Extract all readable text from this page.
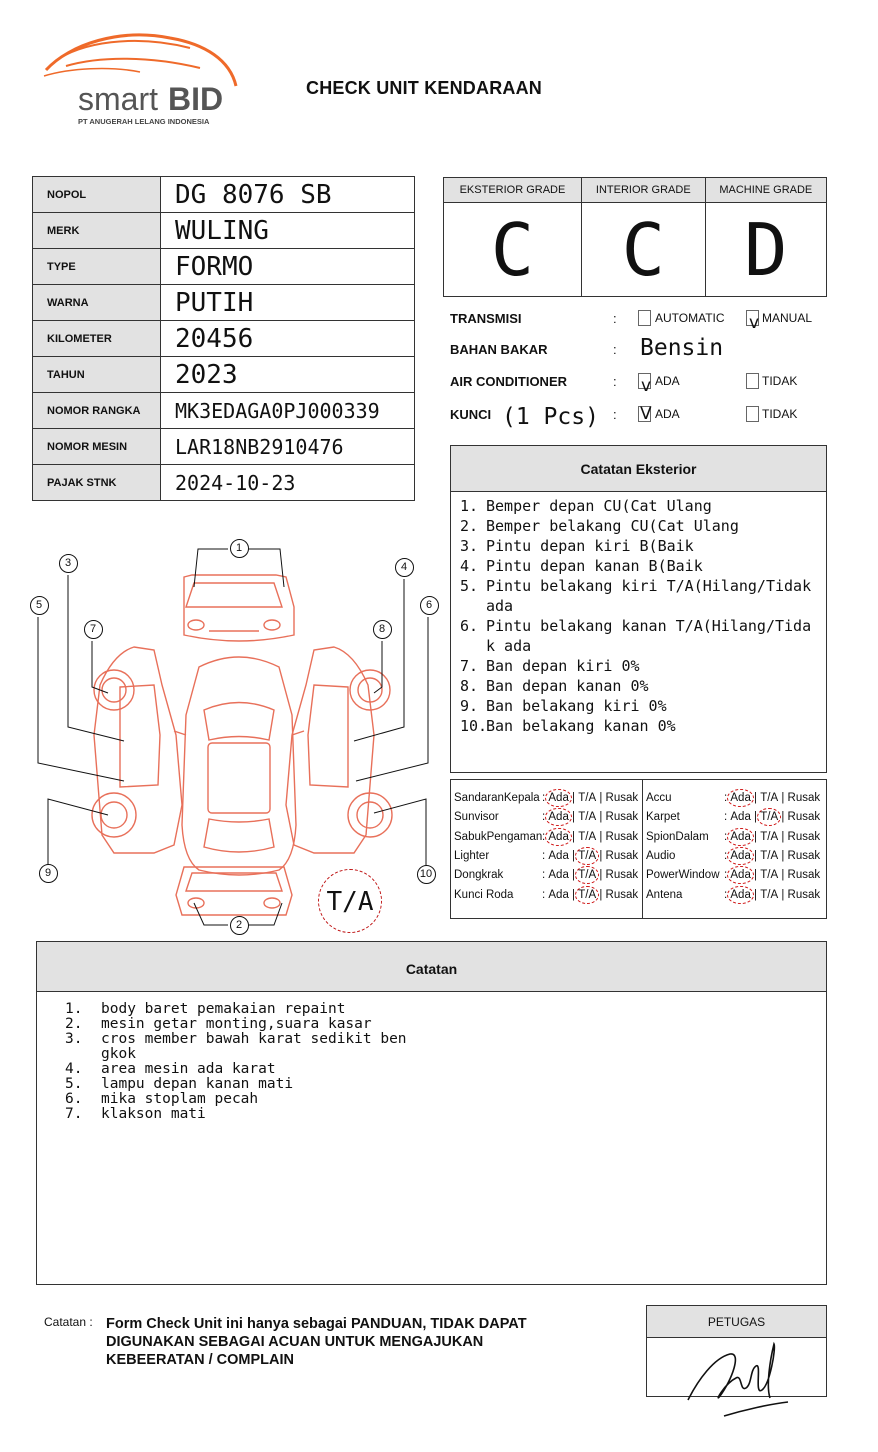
smart BID
PT ANUGERAH LELANG INDONESIA
CHECK UNIT KENDARAAN
NOPOL	DG 8076 SB
MERK	WULING
TYPE	FORMO
WARNA	PUTIH
KILOMETER	20456
TAHUN	2023
NOMOR RANGKA	MK3EDAGA0PJ000339
NOMOR MESIN	LAR18NB2910476
PAJAK STNK	2024-10-23
EKSTERIOR GRADE	INTERIOR GRADE	MACHINE GRADE
C	C	D
TRANSMISI	:	AUTOMATIC v MANUAL
BAHAN BAKAR	: Bensin
AIR CONDITIONER	: v ADA	TIDAK
KUNCI (1 Pcs) : V ADA	TIDAK
Catatan Eksterior
1. Bemper depan CU(Cat Ulang
2. Bemper belakang CU(Cat Ulang
3. Pintu depan kiri B(Baik
4. Pintu depan kanan B(Baik
5. Pintu belakang kiri T/A(Hilang/Tidak ada
6. Pintu belakang kanan T/A(Hilang/Tidak ada
7. Ban depan kiri 0%
8. Ban depan kanan 0%
9. Ban belakang kiri 0%
10.
Ban belakang kanan 0%
SandaranKepala : Ada | T/A | Rusak
Sunvisor	: Ada | T/A | Rusak
SabukPengaman : Ada | T/A | Rusak
Lighter	: Ada | T/A | Rusak
Dongkrak	: Ada | T/A | Rusak
Kunci Roda : Ada | T/A | Rusak
Accu	: Ada | T/A | Rusak
Karpet	: Ada | T/A | Rusak
SpionDalam : Ada | T/A | Rusak
Audio	: Ada | T/A | Rusak
PowerWindow : Ada | T/A | Rusak
Antena	: Ada | T/A | Rusak
1
2
3	4
5	6
7	8
9	10
T/A
Catatan
1.	body baret pemakaian repaint
2.	mesin getar monting,suara kasar
3.	cros member bawah karat sedikit ben gkok
4.	area mesin ada karat
5.	lampu depan kanan mati
6.	mika stoplam pecah
7.	klakson mati
Catatan : Form Check Unit ini hanya sebagai PANDUAN, TIDAK DAPAT DIGUNAKAN SEBAGAI ACUAN UNTUK MENGAJUKAN KEBEERATAN / COMPLAIN
PETUGAS
